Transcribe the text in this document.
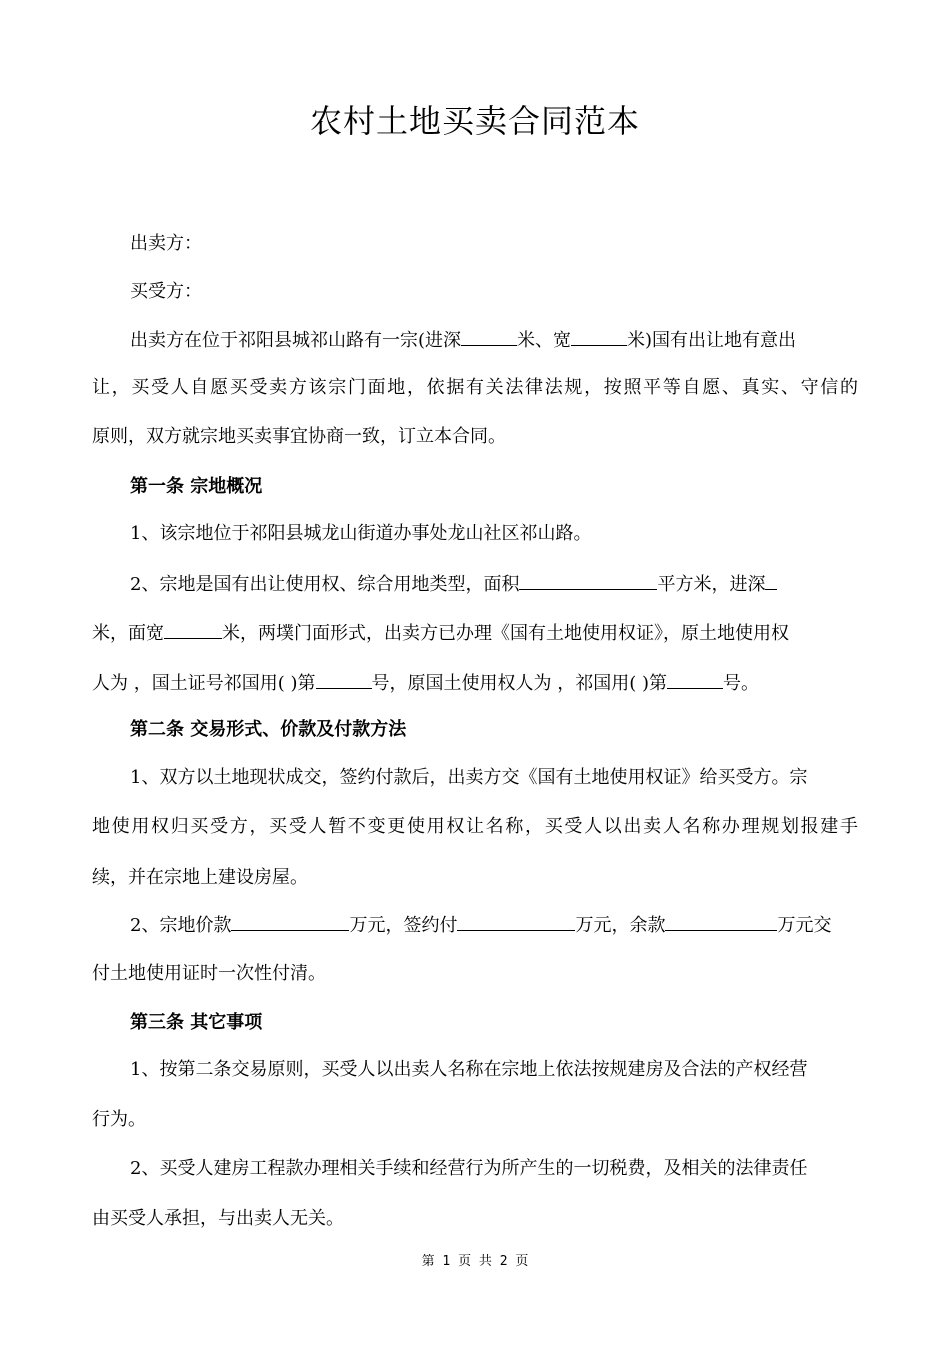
农村土地买卖合同范本
出卖方：
买受方：
出卖方在位于祁阳县城祁山路有一宗(进深	米、宽	米)国有出让地有意出
让，买受人自愿买受卖方该宗门面地，依据有关法律法规，按照平等自愿、真实、守信的
原则，双方就宗地买卖事宜协商一致，订立本合同。
第一条 宗地概况
1、该宗地位于祁阳县城龙山街道办事处龙山社区祁山路。
2、宗地是国有出让使用权、综合用地类型，面积	平方米，进深
米，面宽	米，两墣门面形式，出卖方已办理《国有土地使用权证》，原土地使用权
人为 ，国土证号祁国用( )第	号，原国土使用权人为 ，祁国用( )第	号。
第二条 交易形式、价款及付款方法
1、双方以土地现状成交，签约付款后，出卖方交《国有土地使用权证》给买受方。宗
地使用权归买受方，买受人暂不变更使用权让名称，买受人以出卖人名称办理规划报建手
续，并在宗地上建设房屋。
2、宗地价款	万元，签约付	万元，余款	万元交
付土地使用证时一次性付清。
第三条 其它事项
1、按第二条交易原则，买受人以出卖人名称在宗地上依法按规建房及合法的产权经营
行为。
2、买受人建房工程款办理相关手续和经营行为所产生的一切税费，及相关的法律责任
由买受人承担，与出卖人无关。
第 1 页 共 2 页
